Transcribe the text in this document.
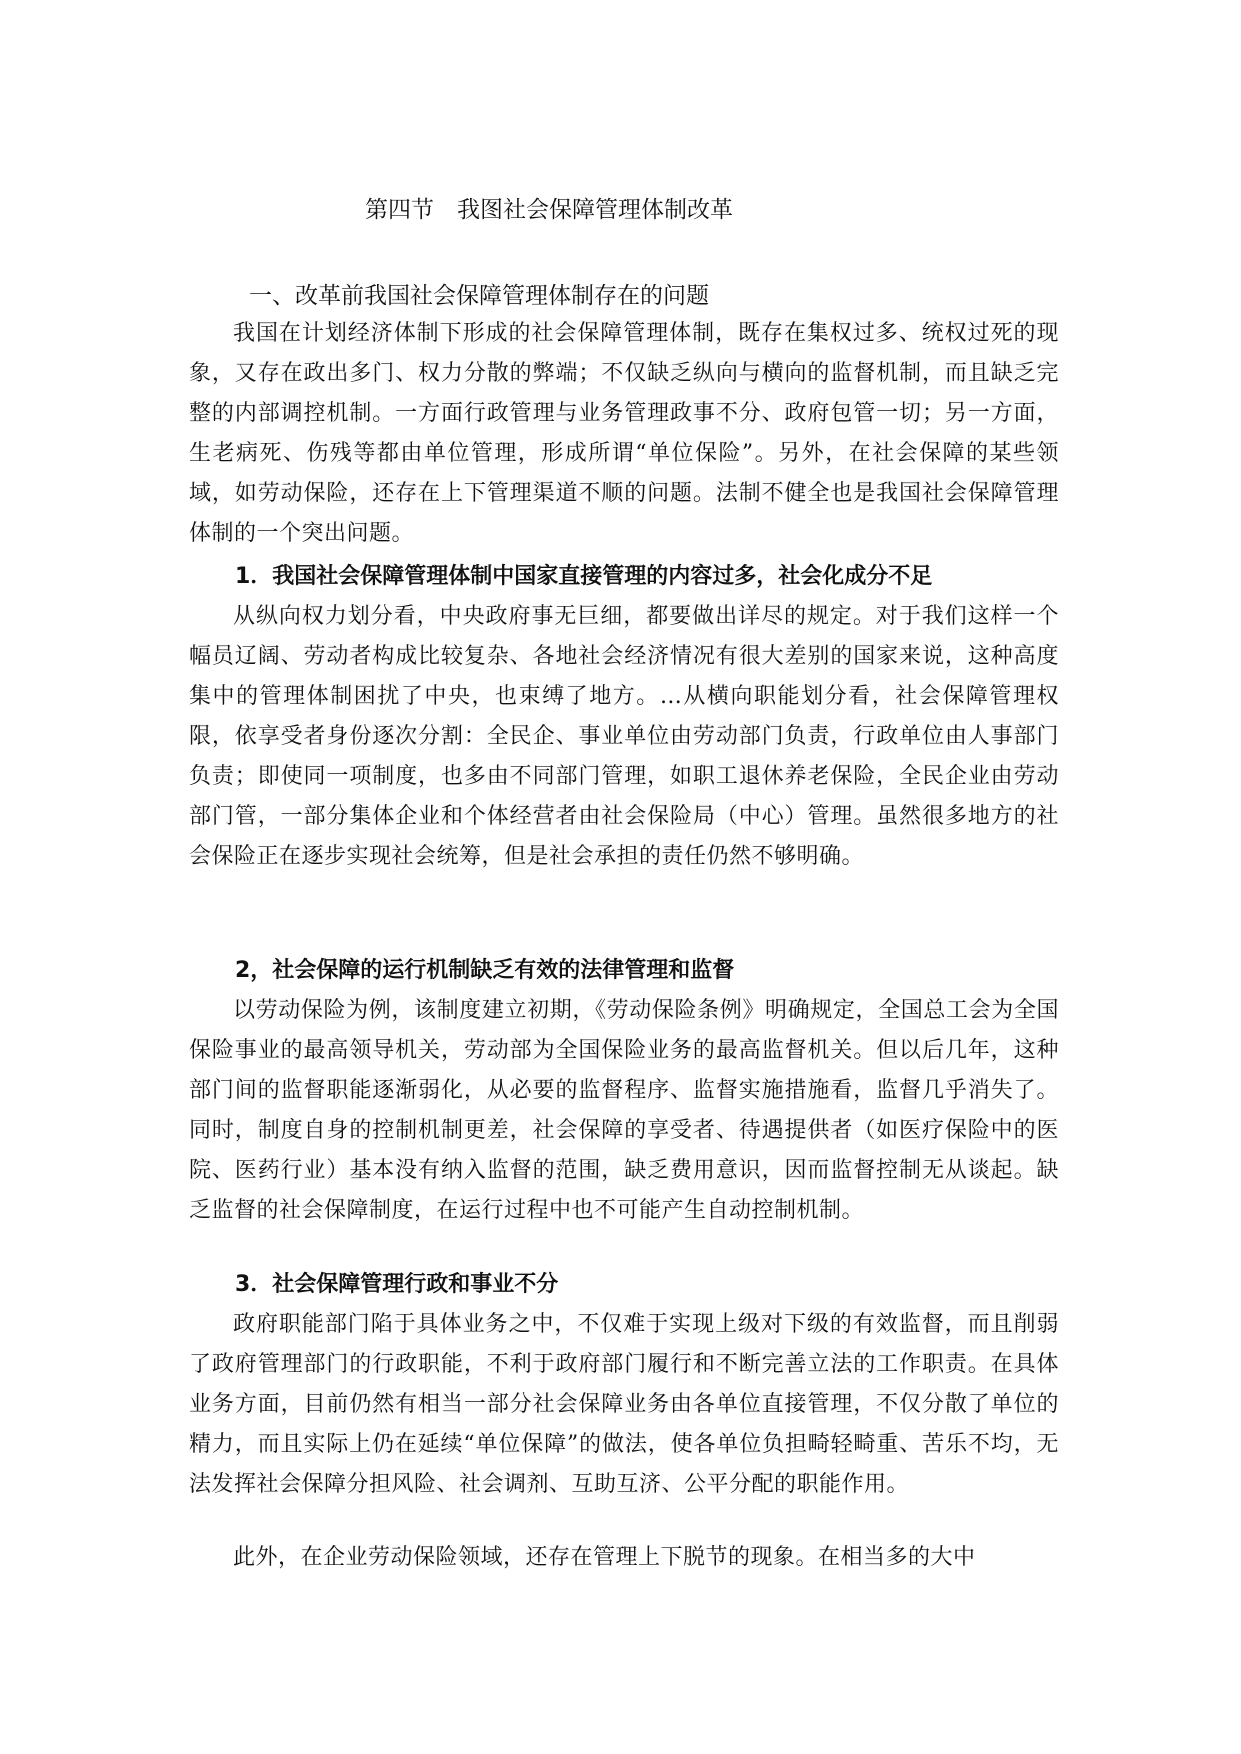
第四节　我图社会保障管理体制改革
一、改革前我国社会保障管理体制存在的问题

我国在计划经济体制下形成的社会保障管理体制，既存在集权过多、统权过死的现象，又存在政出多门、权力分散的弊端；不仅缺乏纵向与横向的监督机制，而且缺乏完整的内部调控机制。一方面行政管理与业务管理政事不分、政府包管一切；另一方面，生老病死、伤残等都由单位管理，形成所谓“单位保险”。另外，在社会保障的某些领域，如劳动保险，还存在上下管理渠道不顺的问题。法制不健全也是我国社会保障管理体制的一个突出问题。

1．我国社会保障管理体制中国家直接管理的内容过多，社会化成分不足

从纵向权力划分看，中央政府事无巨细，都要做出详尽的规定。对于我们这样一个幅员辽阔、劳动者构成比较复杂、各地社会经济情况有很大差别的国家来说，这种高度集中的管理体制困扰了中央，也束缚了地方。…从横向职能划分看，社会保障管理权限，依享受者身份逐次分割：全民企、事业单位由劳动部门负责，行政单位由人事部门负责；即使同一项制度，也多由不同部门管理，如职工退休养老保险，全民企业由劳动部门管，一部分集体企业和个体经营者由社会保险局（中心）管理。虽然很多地方的社会保险正在逐步实现社会统筹，但是社会承担的责任仍然不够明确。

2，社会保障的运行机制缺乏有效的法律管理和监督

以劳动保险为例，该制度建立初期，《劳动保险条例》明确规定，全国总工会为全国保险事业的最高领导机关，劳动部为全国保险业务的最高监督机关。但以后几年，这种部门间的监督职能逐渐弱化，从必要的监督程序、监督实施措施看，监督几乎消失了。同时，制度自身的控制机制更差，社会保障的享受者、待遇提供者（如医疗保险中的医院、医药行业）基本没有纳入监督的范围，缺乏费用意识，因而监督控制无从谈起。缺乏监督的社会保障制度，在运行过程中也不可能产生自动控制机制。

3．社会保障管理行政和事业不分

政府职能部门陷于具体业务之中，不仅难于实现上级对下级的有效监督，而且削弱了政府管理部门的行政职能，不利于政府部门履行和不断完善立法的工作职责。在具体业务方面，目前仍然有相当一部分社会保障业务由各单位直接管理，不仅分散了单位的精力，而且实际上仍在延续“单位保障”的做法，使各单位负担畸轻畸重、苦乐不均，无法发挥社会保障分担风险、社会调剂、互助互济、公平分配的职能作用。

此外，在企业劳动保险领域，还存在管理上下脱节的现象。在相当多的大中
